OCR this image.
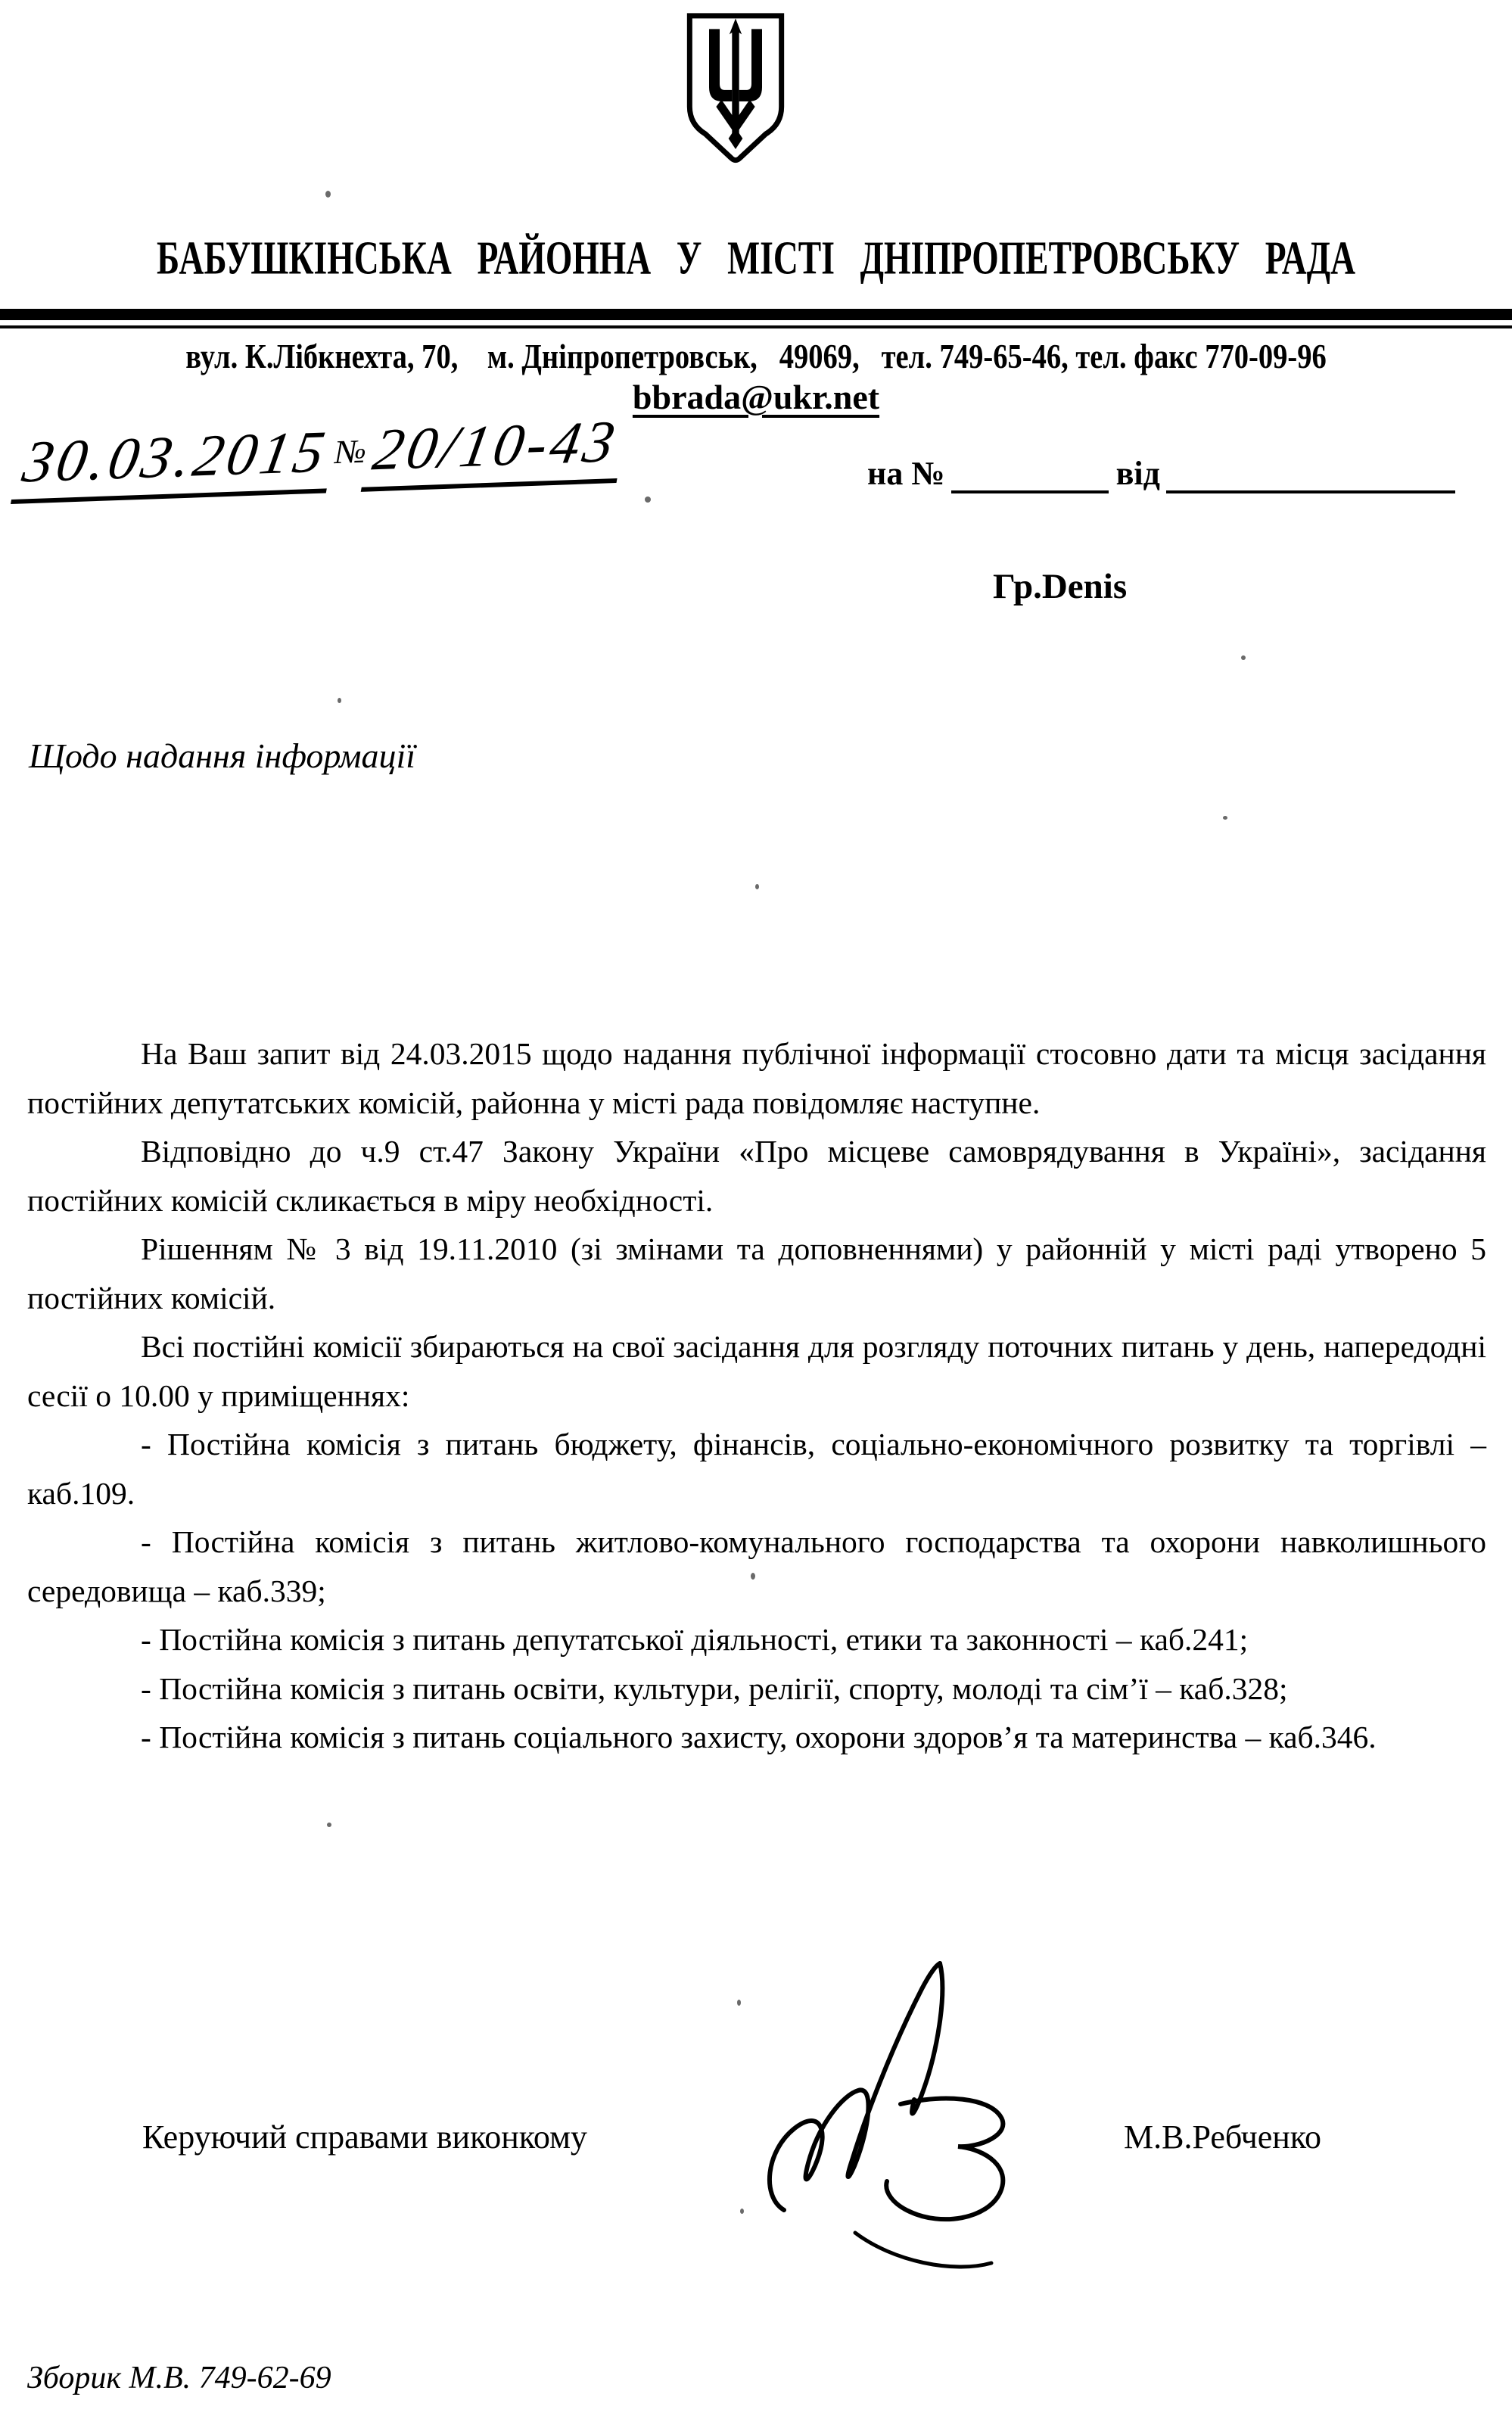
БАБУШКІНСЬКА РАЙОННА У МІСТІ ДНІПРОПЕТРОВСЬКУ РАДА
вул. К.Лібкнехта, 70,  м. Дніпропетровськ,  49069,  тел. 749-65-46, тел. факс 770-09-96
bbrada@ukr.net
30.03.2015№20/10-43	на №	від
Гр.Denis
Щодо надання інформації

На Ваш запит від 24.03.2015 щодо надання публічної інформації стосовно дати та місця засідання постійних депутатських комісій, районна у місті рада повідомляє наступне.

Відповідно до ч.9 ст.47 Закону України «Про місцеве самоврядування в Україні», засідання постійних комісій скликається в міру необхідності.

Рішенням № 3 від 19.11.2010 (зі змінами та доповненнями) у районній у місті раді утворено 5 постійних комісій.

Всі постійні комісії збираються на свої засідання для розгляду поточних питань у день, напередодні сесії о 10.00 у приміщеннях:

- Постійна комісія з питань бюджету, фінансів, соціально-економічного розвитку та торгівлі – каб.109.

- Постійна комісія з питань житлово-комунального господарства та охорони навколишнього середовища – каб.339;

- Постійна комісія з питань депутатської діяльності, етики та законності – каб.241;

- Постійна комісія з питань освіти, культури, релігії, спорту, молоді та сім’ї – каб.328;

- Постійна комісія з питань соціального захисту, охорони здоров’я та материнства – каб.346.

Керуючий справами виконкому	М.В.Ребченко
Зборик М.В. 749-62-69
